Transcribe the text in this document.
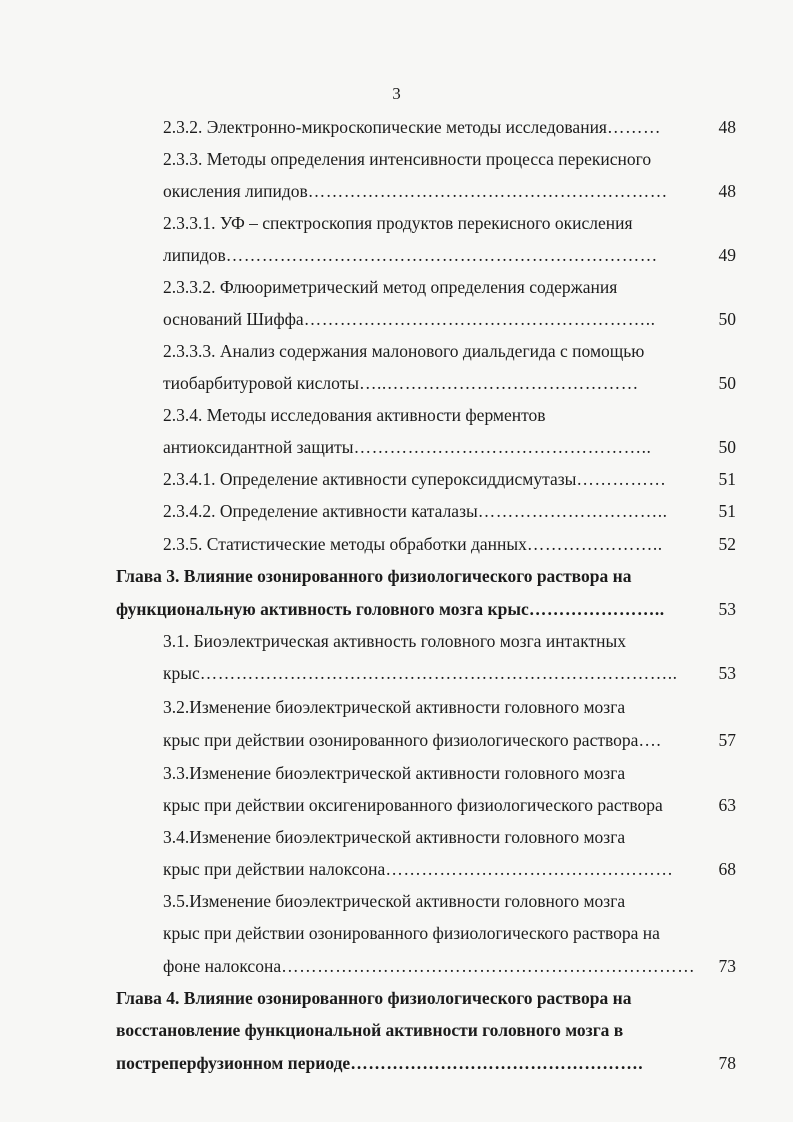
3
2.3.2. Электронно-микроскопические методы исследования………	48
2.3.3. Методы определения интенсивности процесса перекисного
окисления липидов……………………………………………………	48
2.3.3.1. УФ – спектроскопия продуктов перекисного окисления
липидов………………………………………………………………	49
2.3.3.2. Флюориметрический метод определения содержания
оснований Шиффа…………………………………………………..	50
2.3.3.3. Анализ содержания малонового диальдегида с помощью
тиобарбитуровой кислоты…..……………………………………	50
2.3.4. Методы исследования активности ферментов
антиоксидантной защиты…………………………………………..	50
2.3.4.1. Определение активности супероксиддисмутазы……………	51
2.3.4.2. Определение активности каталазы…………………………..	51
2.3.5. Статистические методы обработки данных…………………..	52
Глава 3. Влияние озонированного физиологического раствора на
функциональную активность головного мозга крыс…………………..	53
3.1. Биоэлектрическая активность головного мозга интактных
крыс……………………………………………………………………..	53
3.2.Изменение биоэлектрической активности головного мозга
крыс при действии озонированного физиологического раствора….	57
3.3.Изменение биоэлектрической активности головного мозга
крыс при действии оксигенированного физиологического раствора	63
3.4.Изменение биоэлектрической активности головного мозга
крыс при действии налоксона…………………………………………	68
3.5.Изменение биоэлектрической активности головного мозга
крыс при действии озонированного физиологического раствора на
фоне налоксона……………………………………………………………	73
Глава 4. Влияние озонированного физиологического раствора на
восстановление функциональной активности головного мозга в
постреперфузионном периоде………………………………………….	78
